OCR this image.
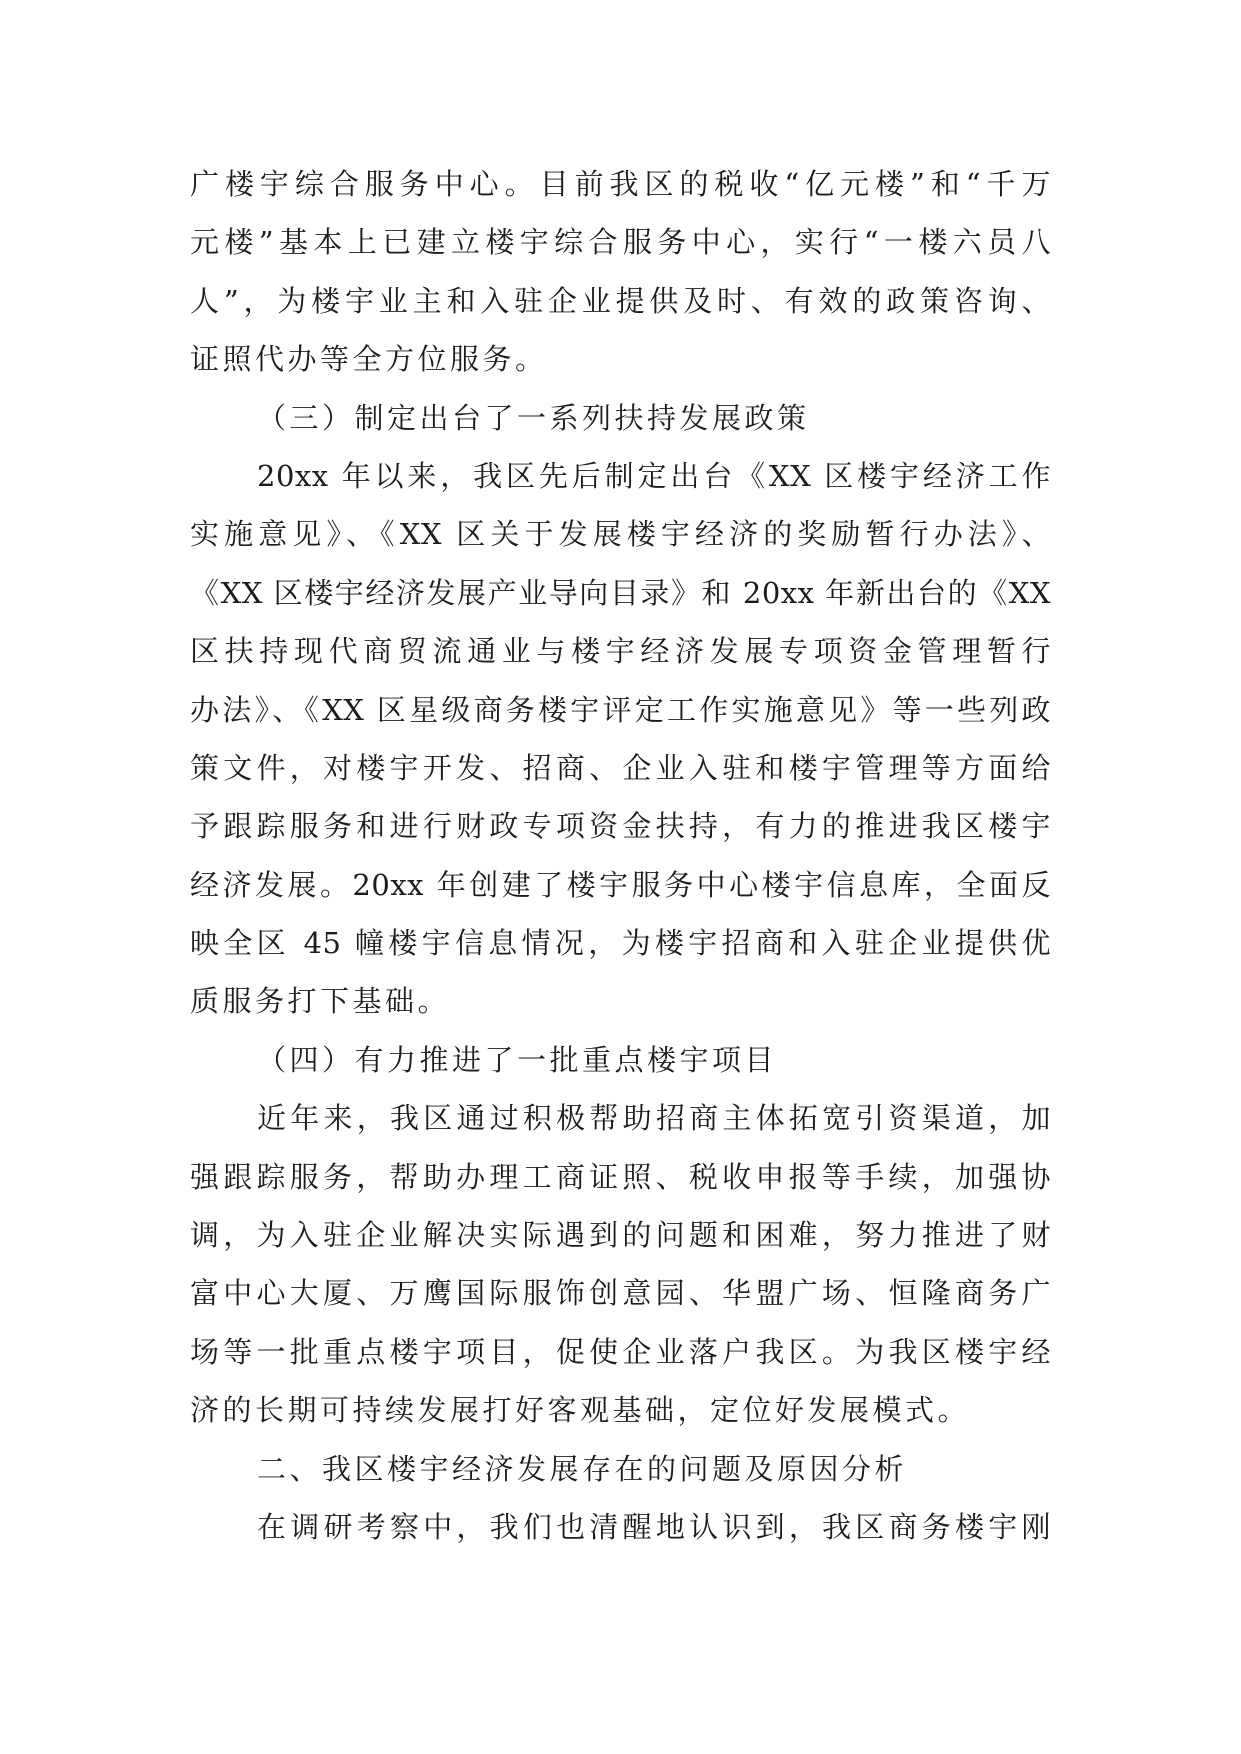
广楼宇综合服务中心。目前我区的税收“亿元楼”和“千万
元楼”基本上已建立楼宇综合服务中心，实行“一楼六员八
人”，为楼宇业主和入驻企业提供及时、有效的政策咨询、
证照代办等全方位服务。
（三）制定出台了一系列扶持发展政策
20xx 年以来，我区先后制定出台《XX 区楼宇经济工作
实施意见》、《XX 区关于发展楼宇经济的奖励暂行办法》、
《XX 区楼宇经济发展产业导向目录》和 20xx 年新出台的《XX
区扶持现代商贸流通业与楼宇经济发展专项资金管理暂行
办法》、《XX 区星级商务楼宇评定工作实施意见》等一些列政
策文件，对楼宇开发、招商、企业入驻和楼宇管理等方面给
予跟踪服务和进行财政专项资金扶持，有力的推进我区楼宇
经济发展。20xx 年创建了楼宇服务中心楼宇信息库，全面反
映全区 45 幢楼宇信息情况，为楼宇招商和入驻企业提供优
质服务打下基础。
（四）有力推进了一批重点楼宇项目
近年来，我区通过积极帮助招商主体拓宽引资渠道，加
强跟踪服务，帮助办理工商证照、税收申报等手续，加强协
调，为入驻企业解决实际遇到的问题和困难，努力推进了财
富中心大厦、万鹰国际服饰创意园、华盟广场、恒隆商务广
场等一批重点楼宇项目，促使企业落户我区。为我区楼宇经
济的长期可持续发展打好客观基础，定位好发展模式。
二、我区楼宇经济发展存在的问题及原因分析
在调研考察中，我们也清醒地认识到，我区商务楼宇刚
